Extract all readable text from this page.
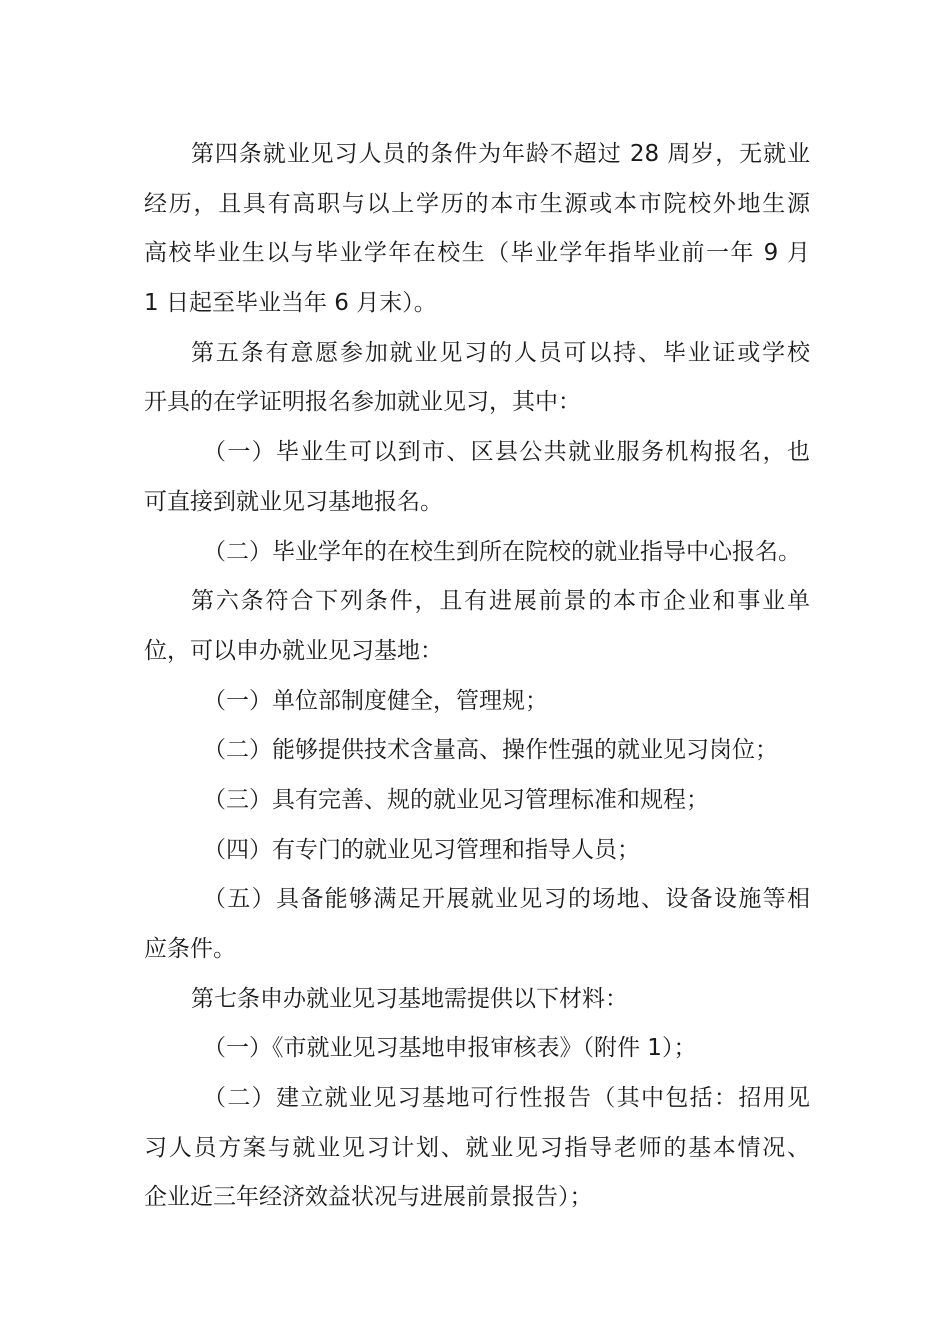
第四条就业见习人员的条件为年龄不超过 28 周岁，无就业
经历，且具有高职与以上学历的本市生源或本市院校外地生源
高校毕业生以与毕业学年在校生（毕业学年指毕业前一年 9 月
1 日起至毕业当年 6 月末）。
第五条有意愿参加就业见习的人员可以持、毕业证或学校
开具的在学证明报名参加就业见习，其中：
（一）毕业生可以到市、区县公共就业服务机构报名，也
可直接到就业见习基地报名。
（二）毕业学年的在校生到所在院校的就业指导中心报名。
第六条符合下列条件，且有进展前景的本市企业和事业单
位，可以申办就业见习基地：
（一）单位部制度健全，管理规；
（二）能够提供技术含量高、操作性强的就业见习岗位；
（三）具有完善、规的就业见习管理标准和规程；
（四）有专门的就业见习管理和指导人员；
（五）具备能够满足开展就业见习的场地、设备设施等相
应条件。
第七条申办就业见习基地需提供以下材料：
（一）《市就业见习基地申报审核表》（附件 1）；
（二）建立就业见习基地可行性报告（其中包括：招用见
习人员方案与就业见习计划、就业见习指导老师的基本情况、
企业近三年经济效益状况与进展前景报告）；
